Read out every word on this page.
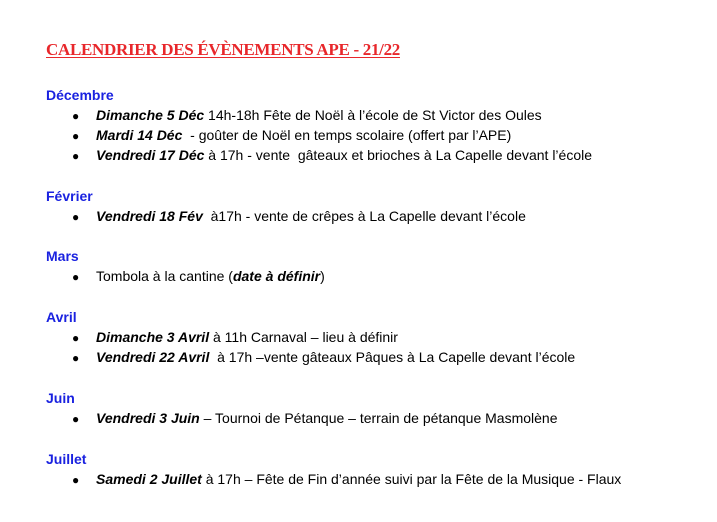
CALENDRIER DES ÉVÈNEMENTS APE - 21/22
Décembre
●	Dimanche 5 Déc 14h-18h Fête de Noël à l’école de St Victor des Oules
●	Mardi 14 Déc - goûter de Noël en temps scolaire (offert par l’APE)
●	Vendredi 17 Déc à 17h - vente  gâteaux et brioches à La Capelle devant l’école
Février
●	Vendredi 18 Fév à17h - vente de crêpes à La Capelle devant l’école
Mars
●	Tombola à la cantine ( date à définir )
Avril
●	Dimanche 3 Avril à 11h Carnaval – lieu à définir
●	Vendredi 22 Avril à 17h –vente gâteaux Pâques à La Capelle devant l’école
Juin
●	Vendredi 3 Juin – Tournoi de Pétanque – terrain de pétanque Masmolène
Juillet
●	Samedi 2 Juillet à 17h – Fête de Fin d’année suivi par la Fête de la Musique - Flaux
